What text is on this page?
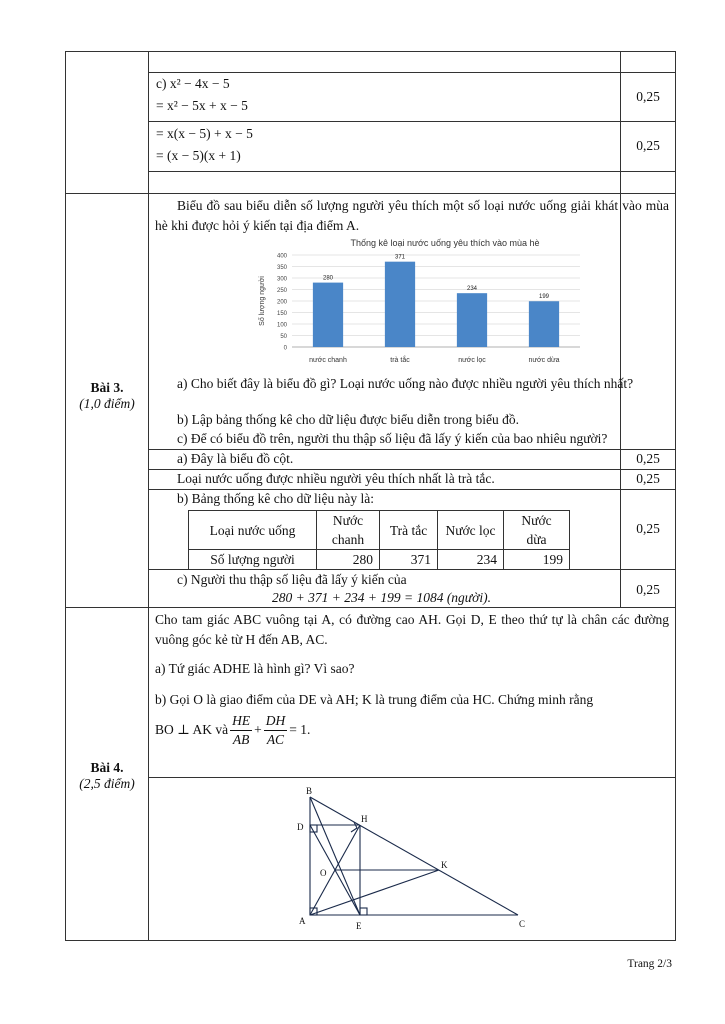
c) x² − 4x − 5
= x² − 5x + x − 5
0,25
= x(x − 5) + x − 5
= (x − 5)(x + 1)
0,25
Bài 3.
(1,0 điểm)
Biểu đồ sau biểu diễn số lượng người yêu thích một số loại nước uống giải khát vào mùa hè khi được hỏi ý kiến tại địa điểm A.
Thống kê loại nước uống yêu thích vào mùa hè
Số lượng người
0
50
100
150
200
250
300
350
400
280
nước chanh
371
trà tắc
234
nước lọc
199
nước dừa
a) Cho biết đây là biểu đồ gì? Loại nước uống nào được nhiều người yêu thích nhất?
b) Lập bảng thống kê cho dữ liệu được biểu diễn trong biểu đồ.
c) Để có biểu đồ trên, người thu thập số liệu đã lấy ý kiến của bao nhiêu người?
a) Đây là biểu đồ cột.	0,25
Loại nước uống được nhiều người yêu thích nhất là trà tắc.	0,25
b) Bảng thống kê cho dữ liệu này là:
0,25
Loại nước uống	Nước chanh	Trà tắc	Nước lọc	Nước dừa
Số lượng người	280	371	234	199
c) Người thu thập số liệu đã lấy ý kiến của
280 + 371 + 234 + 199 = 1084 (người).
0,25
Bài 4.
(2,5 điểm)
Cho tam giác ABC vuông tại A, có đường cao AH. Gọi D, E theo thứ tự là chân các đường vuông góc kẻ từ H đến AB, AC.
a) Tứ giác ADHE là hình gì? Vì sao?
b) Gọi O là giao điểm của DE và AH; K là trung điểm của HC. Chứng minh rằng
BO ⊥ AK và $\frac{HE}{AB} + \frac{DH}{AC} = 1$.
B
D
H
O
K
A	E	C
Trang 2/3
